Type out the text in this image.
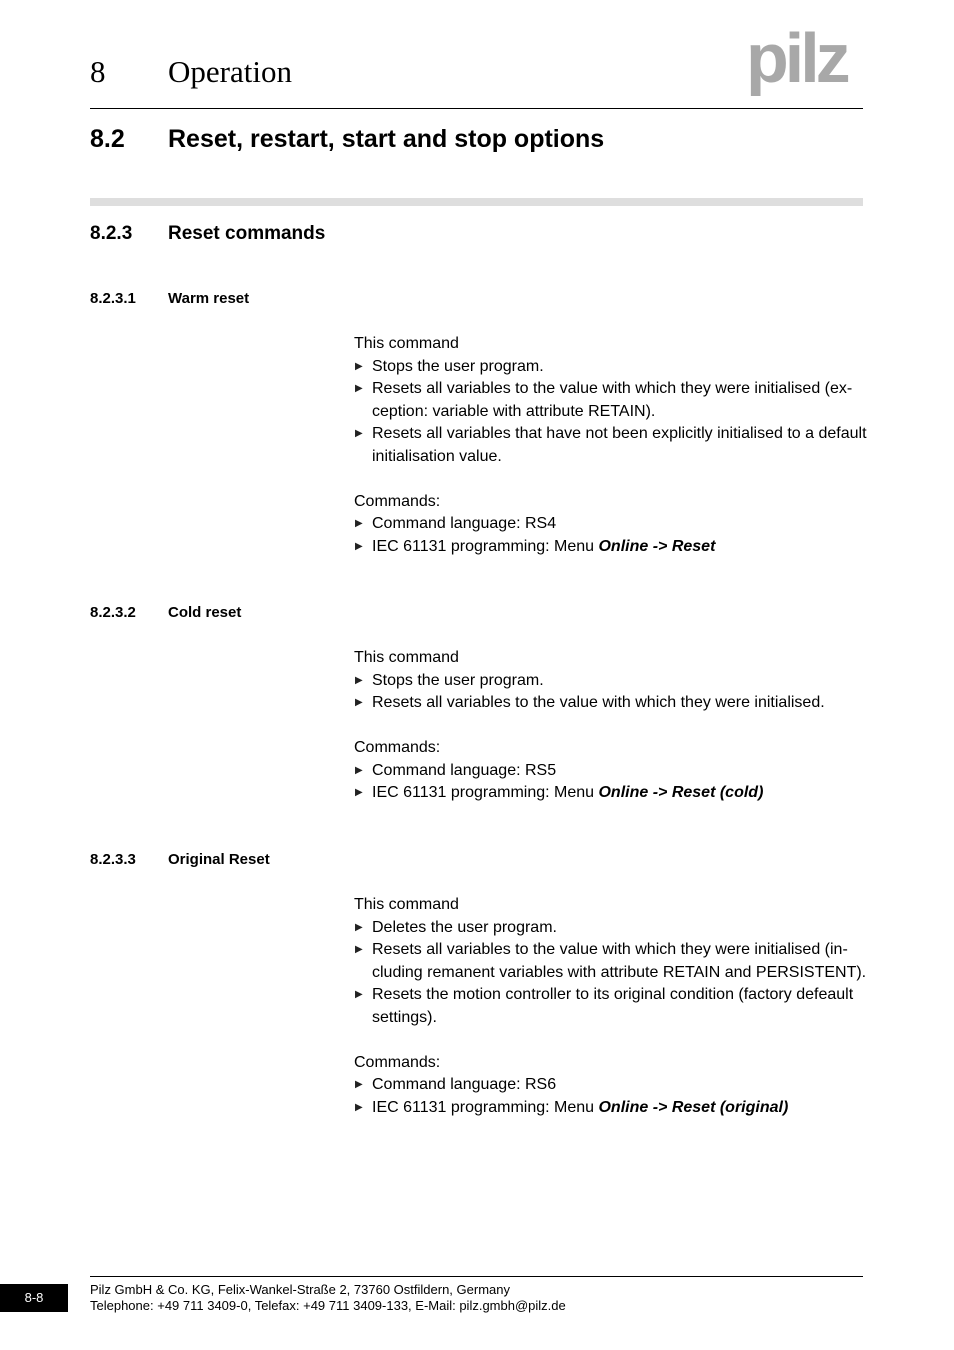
8 Operation	pilz
8.2 Reset, restart, start and stop options
8.2.3 Reset commands
8.2.3.1 Warm reset

This command

▶ Stops the user program.
▶ Resets all variables to the value with which they were initialised (ex-
ception: variable with attribute RETAIN).
▶ Resets all variables that have not been explicitly initialised to a default
initialisation value.

Commands:

▶ Command language: RS4
▶ IEC 61131 programming: Menu Online -> Reset
8.2.3.2 Cold reset

This command

▶ Stops the user program.
▶ Resets all variables to the value with which they were initialised.

Commands:

▶ Command language: RS5
▶ IEC 61131 programming: Menu Online -> Reset (cold)
8.2.3.3 Original Reset

This command

▶ Deletes the user program.
▶ Resets all variables to the value with which they were initialised (in-
cluding remanent variables with attribute RETAIN and PERSISTENT).
▶ Resets the motion controller to its original condition (factory defeault
settings).

Commands:

▶ Command language: RS6
▶ IEC 61131 programming: Menu Online -> Reset (original)
8-8
Pilz GmbH & Co. KG, Felix-Wankel-Straße 2, 73760 Ostfildern, Germany
Telephone: +49 711 3409-0, Telefax: +49 711 3409-133, E-Mail: pilz.gmbh@pilz.de
